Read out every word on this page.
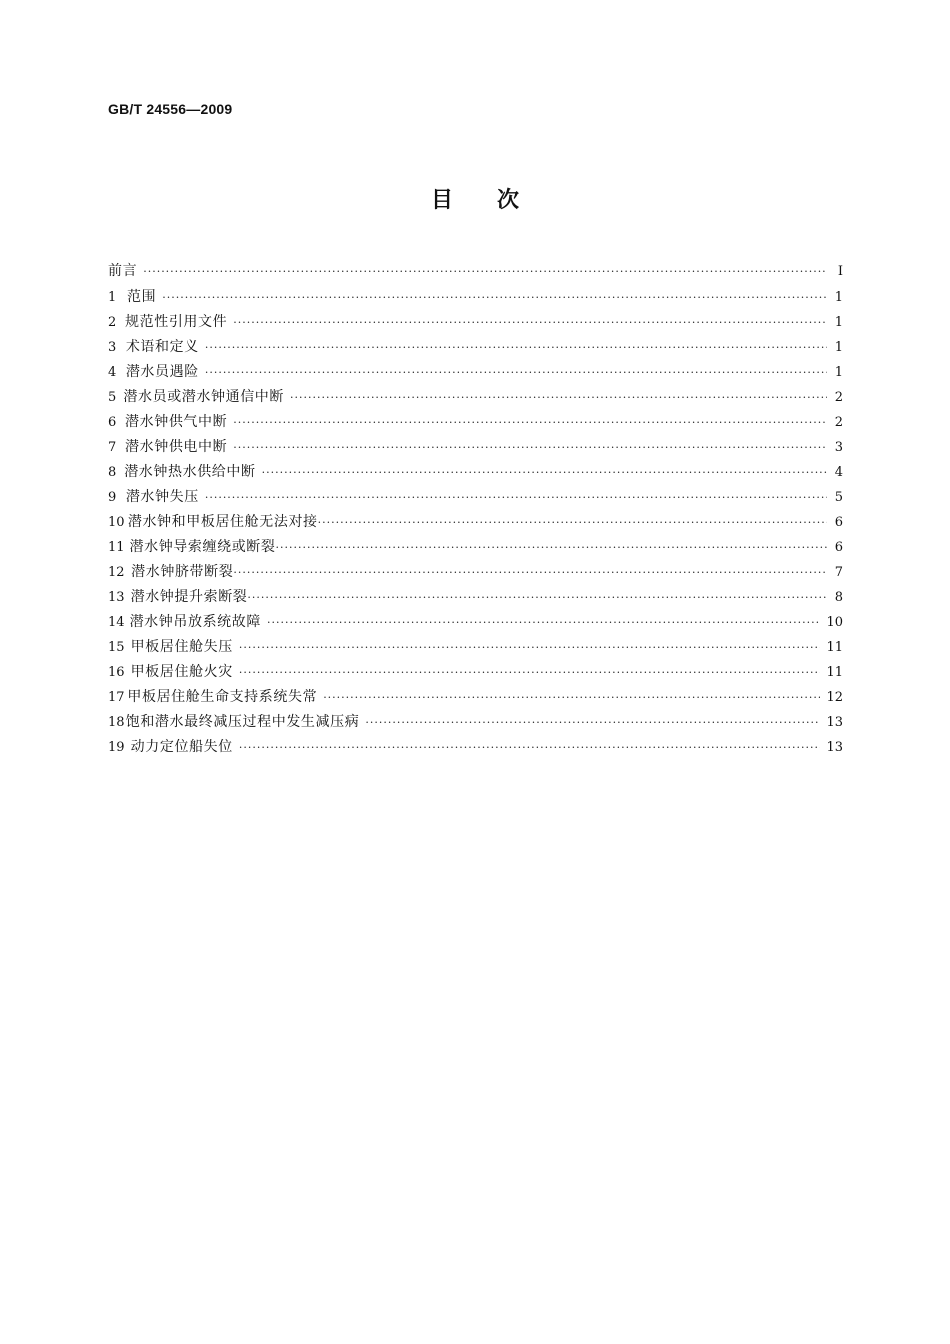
GB/T 24556—2009
目次
前言 ·····	I
1 范围 ·····	1
2 规范性引用文件 ·····	1
3 术语和定义 ·····	1
4 潜水员遇险 ·····	1
5 潜水员或潜水钟通信中断 ·····	2
6 潜水钟供气中断 ·····	2
7 潜水钟供电中断 ·····	3
8 潜水钟热水供给中断 ·····	4
9 潜水钟失压 ·····	5
10 潜水钟和甲板居住舱无法对接 ·····	6
11 潜水钟导索缠绕或断裂 ·····	6
12 潜水钟脐带断裂 ·····	7
13 潜水钟提升索断裂 ·····	8
14 潜水钟吊放系统故障 ·····	10
15 甲板居住舱失压 ·····	11
16 甲板居住舱火灾 ·····	11
17 甲板居住舱生命支持系统失常 ·····	12
18 饱和潜水最终减压过程中发生减压病 ·····	13
19 动力定位船失位 ·····	13
